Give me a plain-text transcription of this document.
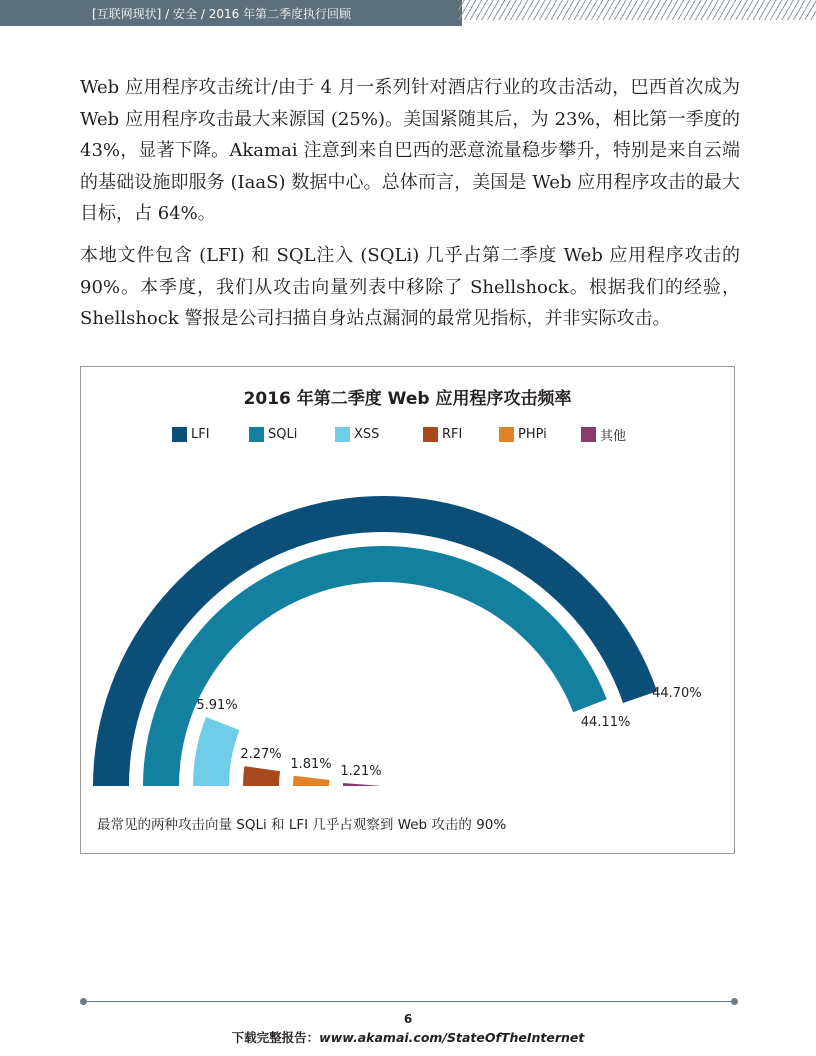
[互联网现状] / 安全 / 2016 年第二季度执行回顾

Web 应用程序攻击统计/由于 4 月一系列针对酒店行业的攻击活动，巴西首次成为 Web 应用程序攻击最大来源国 (25%)。美国紧随其后，为 23%，相比第一季度的 43%，显著下降。Akamai 注意到来自巴西的恶意流量稳步攀升，特别是来自云端的基础设施即服务 (IaaS) 数据中心。总体而言，美国是 Web 应用程序攻击的最大目标，占 64%。

本地文件包含 (LFI) 和 SQL注入 (SQLi) 几乎占第二季度 Web 应用程序攻击的 90%。本季度，我们从攻击向量列表中移除了 Shellshock。根据我们的经验，Shellshock 警报是公司扫描自身站点漏洞的最常见指标，并非实际攻击。

2016 年第二季度 Web 应用程序攻击频率
LFI	SQLi	XSS	RFI	PHPi	其他
44.70%
44.11%
5.91%
2.27%
1.81% 1.21%
最常见的两种攻击向量 SQLi 和 LFI 几乎占观察到 Web 攻击的 90%
6
下载完整报告：www.akamai.com/StateOfTheInternet
